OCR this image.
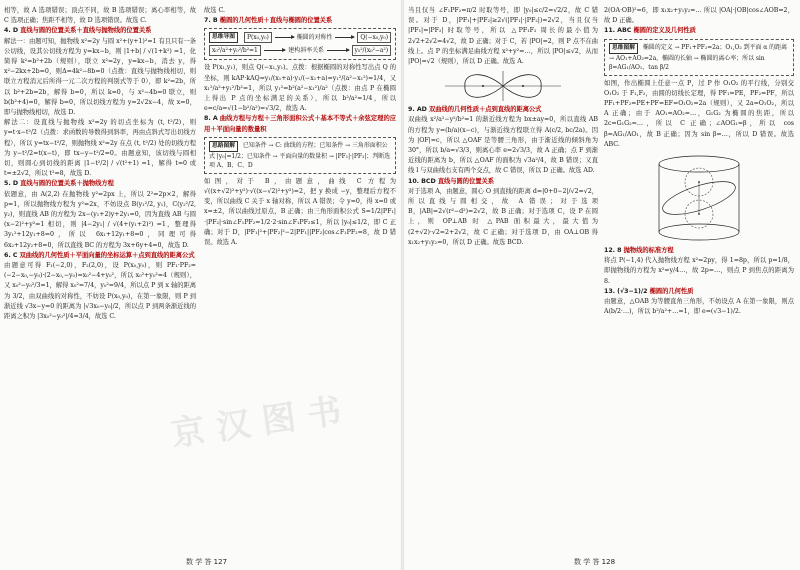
相等，故 A 选项错误；顶点不同，故 B 选项错误；离心率相等，故 C 选项正确；焦距不相等，故 D 选项错误。故选 C.

4. D 直线与圆的位置关系＋直线与抛物线的位置关系

解法一：由题可知，抛物线 x²=2y 与圆 x²+(y+1)²=1 有且只有一条公切线，设其公切线方程为 y=kx−b，则 |1+b| / √(1+k²) =1，化简得 k²=b²+2b（规则），联立 x²=2y，y=kx−b，消去 y，得 x²−2kx+2b=0，则Δ=4k²−8b=0（点拨：直线与抛物线相切，则联立方程消元后所得一元二次方程的判别式等于 0），即 k²=2b，所以 b²+2b=2b，解得 b=0，所以 k=0，与 x²−4b=0 联立，则 b(b²+4)=0，解得 b=0，所以切线方程为 y=2√2x−4，故 x=0，即与抛物线相切，故选 D.

解法二：设直线与抛物线 x²=2y 的切点坐标为 (t, t²/2)，则 y=t·x−t²/2（点拨：求函数的导数得到斜率，再由点斜式写出切线方程），所以 y=tx−t²/2，则抛物线 x²=2y 在点 (t, t²/2) 处的切线方程为 y−t²/2=t(x−t)，即 tx−y−t²/2=0。由题意知，该切线与圆相切，则圆心到切线的距离 |1−t²/2| / √(t²+1) =1，解得 t=0 或 t=±2√2，所以 t²=8，故选 D.

5. D 直线与圆的位置关系＋抛物线方程

依题意，由 A(2,2) 在抛物线 y²=2px 上，所以 2²=2p×2，解得 p=1，所以抛物线方程为 y²=2x，不妨设点 B(y₁²/2, y₁)，C(y₂²/2, y₂)，则直线 AB 的方程为 2x−(y₁+2)y+2y₁=0，因为直线 AB 与圆 (x−2)²+y²=1 相切，则 |4−2y₁| / √(4+(y₁+2)²) =1，整理得 3y₁²+12y₁+8=0，所以 6x₁+12y₁+8=0，同理可得 6x₂+12y₂+8=0，所以直线 BC 的方程为 3x+6y+4=0，故选 D.

6. C 双曲线的几何性质＋平面向量的坐标运算＋点到直线的距离公式

由题意可得 F₁(−2,0)，F₂(2,0)，设 P(x₀,y₀)，则 PF₁·PF₂=(−2−x₀,−y₀)·(2−x₀,−y₀)=x₀²−4+y₀²，所以 x₀²+y₀²=4（规则），又 x₀²−y₀²/3=1，解得 x₀²=7/4，y₀²=9/4，所以点 P 到 x 轴的距离为 3/2，由双曲线的对称性，不妨设 P(x₀,y₀)，在第一象限，则 P 到渐近线 √3x−y=0 的距离为 |√3x₀−y₀|/2，所以点 P 到两条渐近线的距离之积为 |3x₀²−y₀²|/4=3/4，故选 C.

故选 C.

7. B 椭圆的几何性质＋直线与椭圆的位置关系

思维导图	P(x₀,y₀)	椭圆的对称性	Q(−x₀,y₀)
x₀²/a²+y₀²/b²=1	建构斜率关系	y₀²/(x₀²−a²)

设 P(x₁,y₁)，则点 Q(−x₁,y₁)。点拨：根据椭圆的对称性写出点 Q 的坐标，则 kAP·kAQ=y₁/(x₁+a)·y₁/(−x₁+a)=y₁²/(a²−x₁²)=1/4，又 x₁²/a²+y₁²/b²=1，所以 y₁²=b²(a²−x₁²)/a²（点拨：由点 P 在椭圆上得出 P 点的坐标满足的关系），所以 b²/a²=1/4，所以 e=c/a=√(1−b²/a²)=√3/2，故选 A.

8. A 曲线方程与方程＋三角形面积公式＋基本不等式＋余弦定理的应用＋平面向量的数量积

思路图解 已知条件 → C: 曲线的方程；已知条件 → 三角形面积公式 |y₀|=1/2；已知条件 → 平面向量的数量积 → |PF₁|·|PF₂|；判断选项 A、B、C、D

如图，对于 B，由题意，曲线 C 方程为 √((x+√2)²+y²)·√((x−√2)²+y²)=2，把 y 换成 −y，整理后方程不变，所以曲线 C 关于 x 轴对称，所以 A 错误；令 y=0，得 x=0 或 x=±2，所以曲线过原点，B 正确；由三角形面积公式 S=1/2|PF₁|·|PF₂|·sin∠F₁PF₂=1/2·2·sin∠F₁PF₂≤1，所以 |y₀|≤1/2，即 C 正确；对于 D，|PF₁|²+|PF₂|²−2|PF₁||PF₂|cos∠F₁PF₂=8，故 D 错误。故选 A.

数 学 答 127

当且仅当 ∠F₁PF₂=π/2 时取等号，即 |y₀|≤c/2=√2/2，故 C 错误。对于 D，|PF₁|+|PF₂|≥2√(|PF₁|·|PF₂|)=2√2，当且仅当 |PF₁|=|PF₂| 时取等号，所以 △PF₁F₂ 周长的最小值为 2√2+2√2=4√2，故 D 正确；对于 C，若 |PO|=2，则 P 点不在曲线上。点 P 的坐标满足曲线方程 x²+y²=…，所以 |PO|≤√2，从而 |PO|=√2（规则），所以 D 正确。故选 A.

9. AD 双曲线的几何性质＋点到直线的距离公式

双曲线 x²/a²−y²/b²=1 的渐近线方程为 bx±ay=0，所以直线 AB 的方程为 y=(b/a)(x−c)，与渐近线方程联立得 A(c/2, bc/2a)。因为 |OF|=c，所以 △OAF 是等腰三角形，由于渐近线的倾斜角为 30°，所以 b/a=√3/3，则离心率 e=2√3/3，故 A 正确；点 F 到渐近线的距离为 b，所以 △OAF 的面积为 √3a²/4，故 B 错误；又直线 l 与双曲线右支有两个交点，故 C 错误，所以 D 正确。故选 AD.

10. BCD 直线与圆的位置关系

对于选项 A，由题意，圆心 O 到直线的距离 d=|0+0−2|/√2=√2，所以直线与圆相交，故 A 错误；对于选项 B，|AB|=2√(r²−d²)=2√2，故 B 正确；对于选项 C，设 P 在圆上，则 OP⊥AB 时 △PAB 面积最大，最大值为 (2+√2)·√2=2+2√2，故 C 正确；对于选项 D，由 OA⊥OB 得 x₁x₂+y₁y₂=0，所以 D 正确。故选 BCD.

2(OA·OB)²=6，即 x₁x₂+y₁y₂=… 所以 |OA|·|OB|cos∠AOB=2，故 D 正确。

11. ABC 椭圆的定义及几何性质

思维图解 椭圆的定义 → PF₁+PF₂=2a；O₁,O₂ 到平面 α 的距离 → AO₁+AO₂=2a，椭圆的长轴 → 椭圆的离心率；所以 sin β=AG₁/AO₁，tan β/2

如图，作出椭圆上任意一点 P，过 P 作 O₁O₂ 的平行线，分别交 O₁O₂ 于 F₁,F₂，由圆的切线长定理，得 PF₁=PE，PF₂=PF，所以 PF₁+PF₂=PE+PF=EF=O₁O₂=2a（规则），又 2a=O₁O₂，所以 A 正确；由于 AO₁=AO₂=…，G₁G₂ 为椭圆的焦距，所以 2c=G₁G₂=…，所以 C 正确；∠AOG₁=β，所以 cos β=AG₁/AO₁，故 B 正确；因为 sin β=…，所以 D 错误。故选 ABC.

12. 8 抛物线的标准方程

将点 P(−1,4) 代入抛物线方程 x²=2py，得 1=8p，所以 p=1/8，即抛物线的方程为 x²=y/4…，故 2p=…，则点 P 到焦点的距离为 8.

13. (√3−1)/2 椭圆的几何性质

由题意，△OAB 为等腰直角三角形，不妨设点 A 在第一象限，则点 A(b/2·…)，所以 b²/a²+…=1，即 e=(√3−1)/2.

数 学 答 128
京 汉 图 书
